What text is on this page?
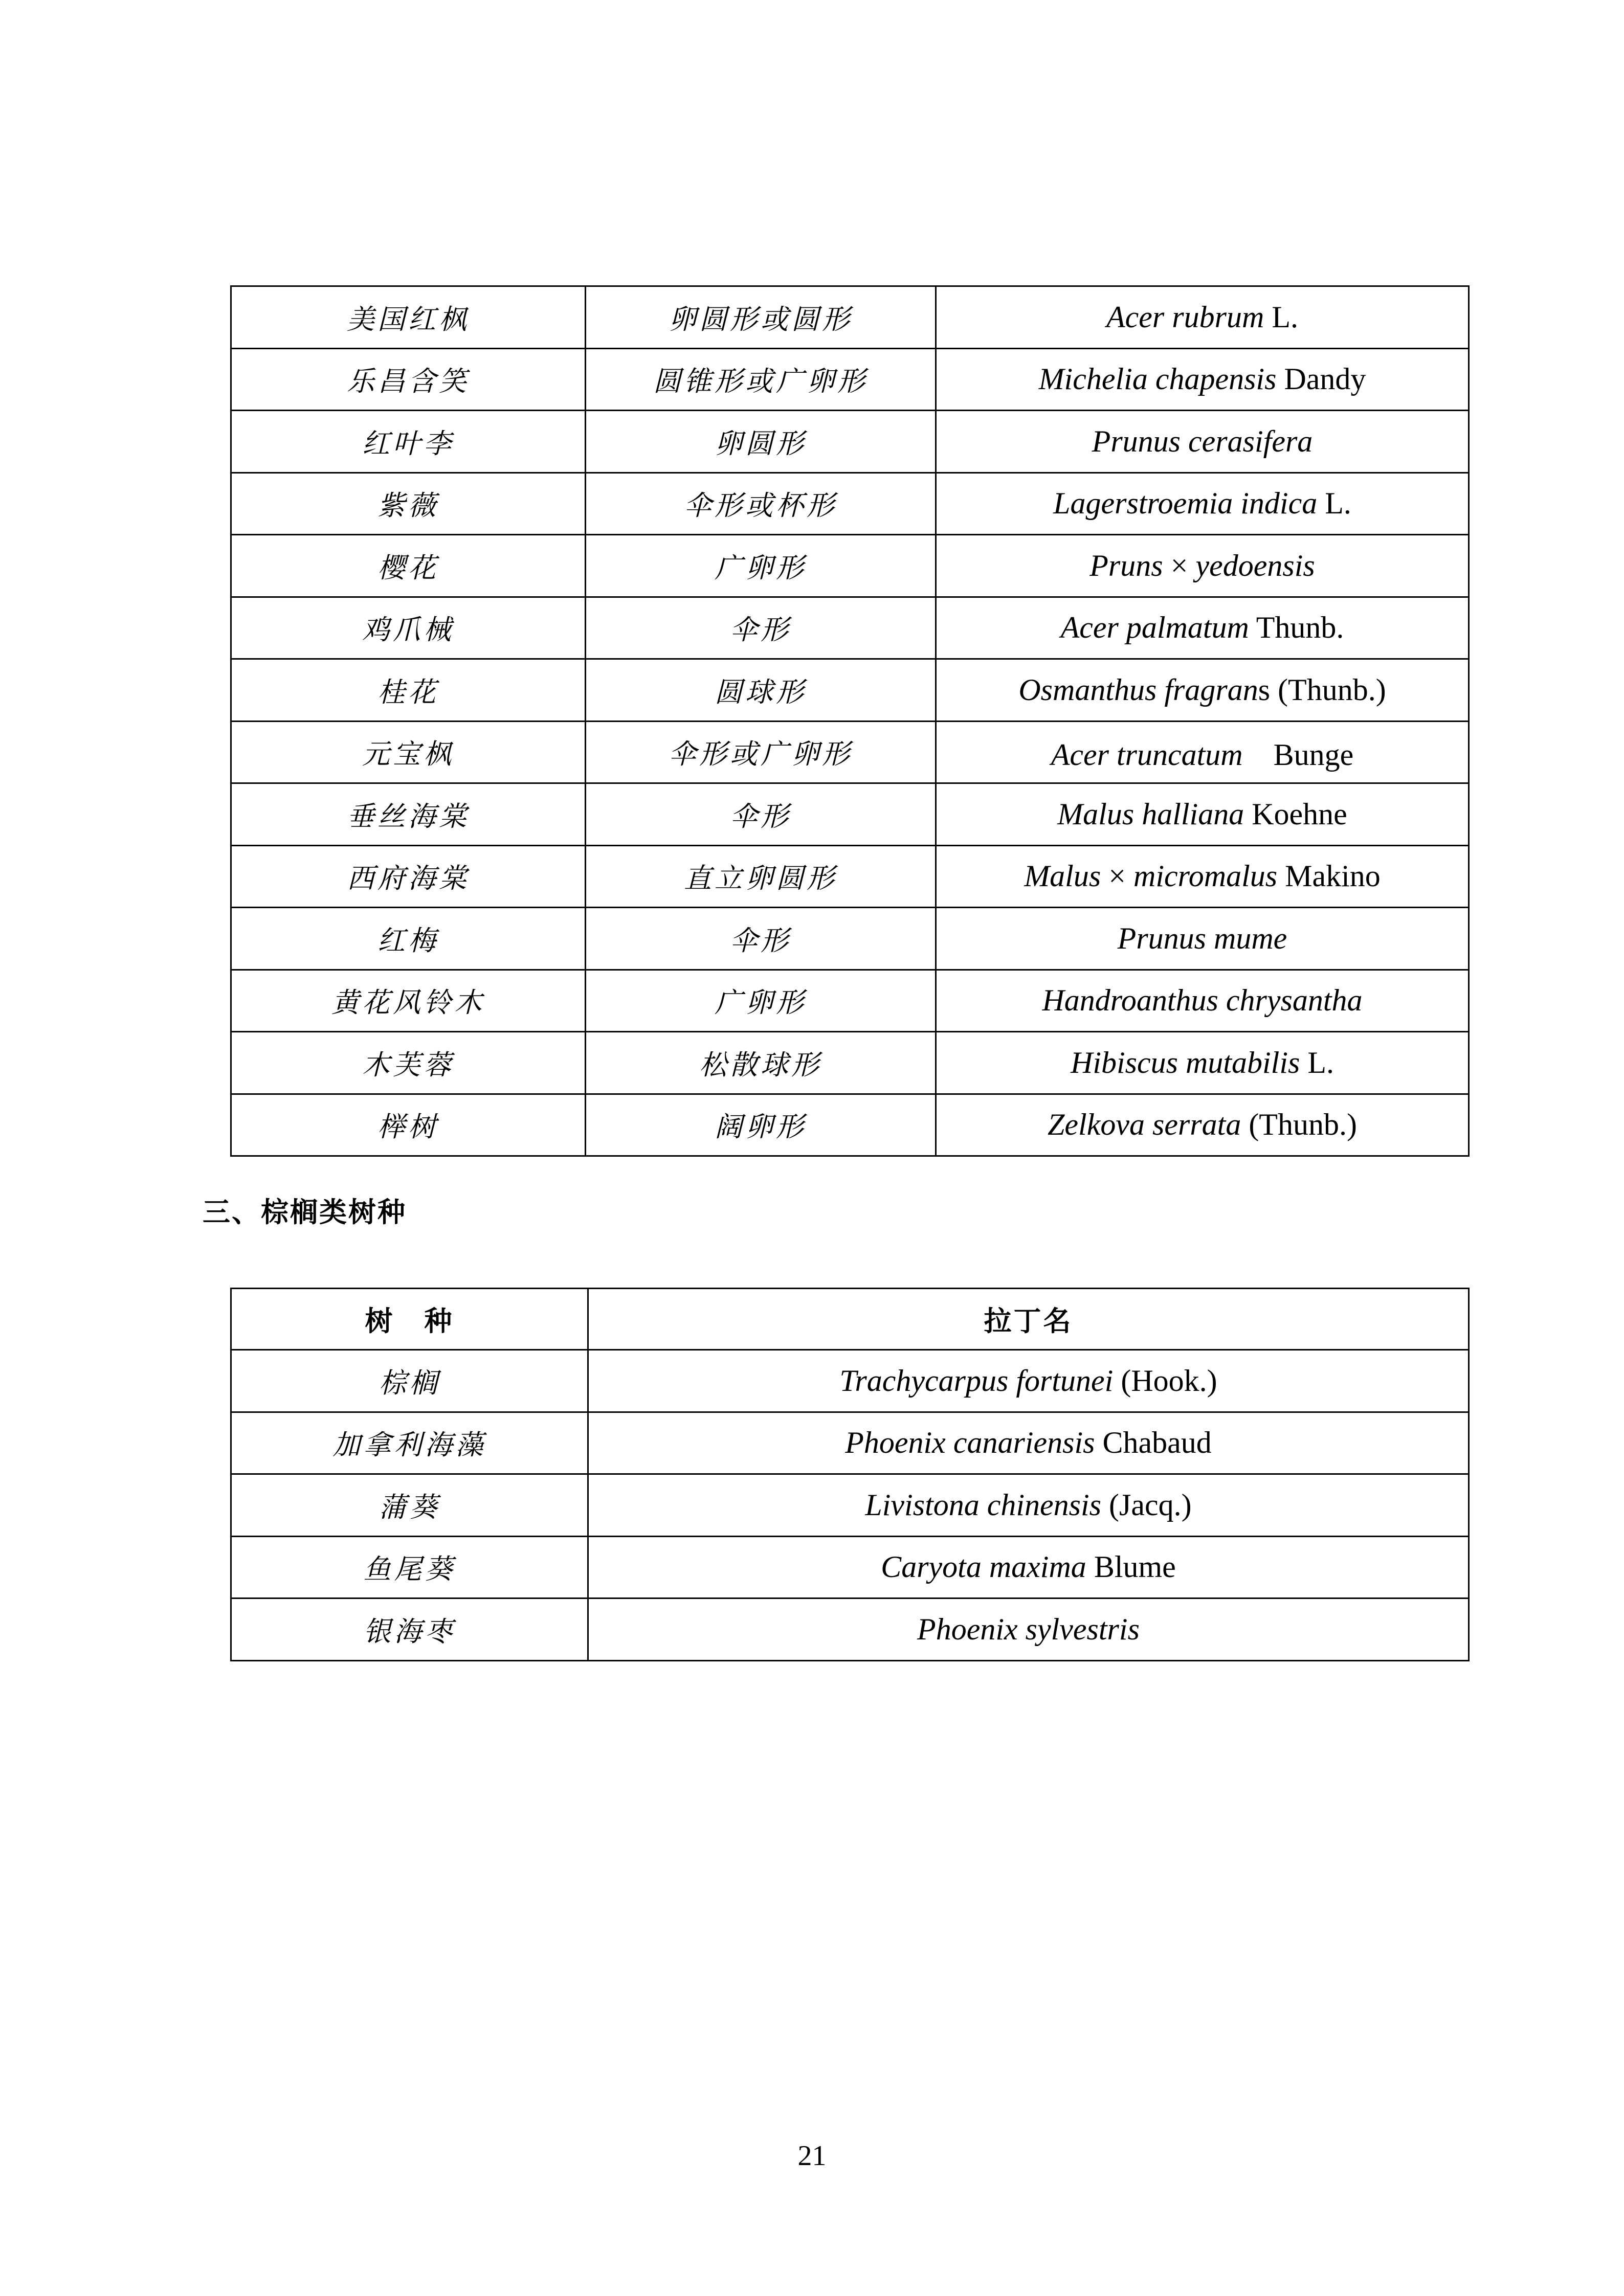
美国红枫	卵圆形或圆形	Acer rubrum L.
乐昌含笑	圆锥形或广卵形	Michelia chapensis Dandy
红叶李	卵圆形	Prunus cerasifera
紫薇	伞形或杯形	Lagerstroemia indica L.
樱花	广卵形	Pruns × yedoensis
鸡爪械	伞形	Acer palmatum Thunb.
桂花	圆球形	Osmanthus fragrans (Thunb.)
元宝枫	伞形或广卵形	Acer truncatum　Bunge
垂丝海棠	伞形	Malus halliana Koehne
西府海棠	直立卵圆形	Malus × micromalus Makino
红梅	伞形	Prunus mume
黄花风铃木	广卵形	Handroanthus chrysantha
木芙蓉	松散球形	Hibiscus mutabilis L.
榉树	阔卵形	Zelkova serrata (Thunb.)
三、棕榈类树种
树　种	拉丁名
棕榈	Trachycarpus fortunei (Hook.)
加拿利海藻	Phoenix canariensis Chabaud
蒲葵	Livistona chinensis (Jacq.)
鱼尾葵	Caryota maxima Blume
银海枣	Phoenix sylvestris
21
